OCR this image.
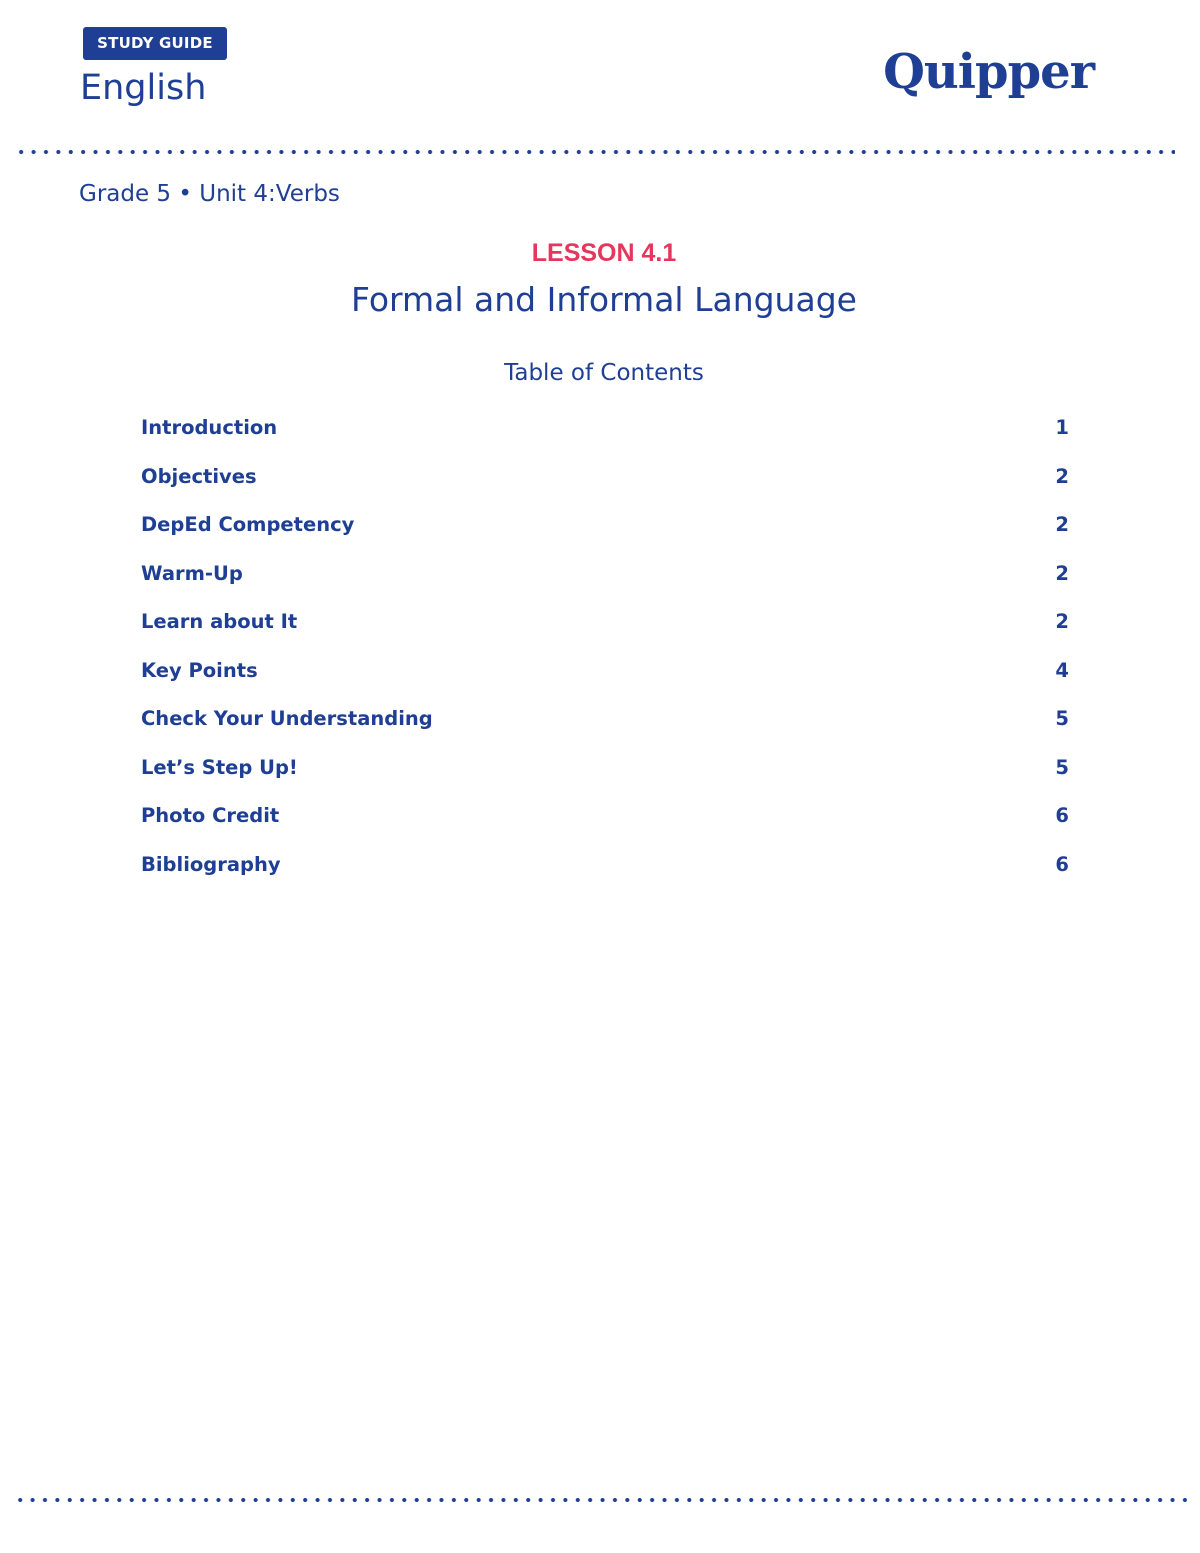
STUDY GUIDE
English	Quipper
Grade 5 • Unit 4:Verbs
LESSON 4.1
Formal and Informal Language
Table of Contents
Introduction	1
Objectives	2
DepEd Competency	2
Warm-Up	2
Learn about It	2
Key Points	4
Check Your Understanding	5
Let’s Step Up!	5
Photo Credit	6
Bibliography	6
